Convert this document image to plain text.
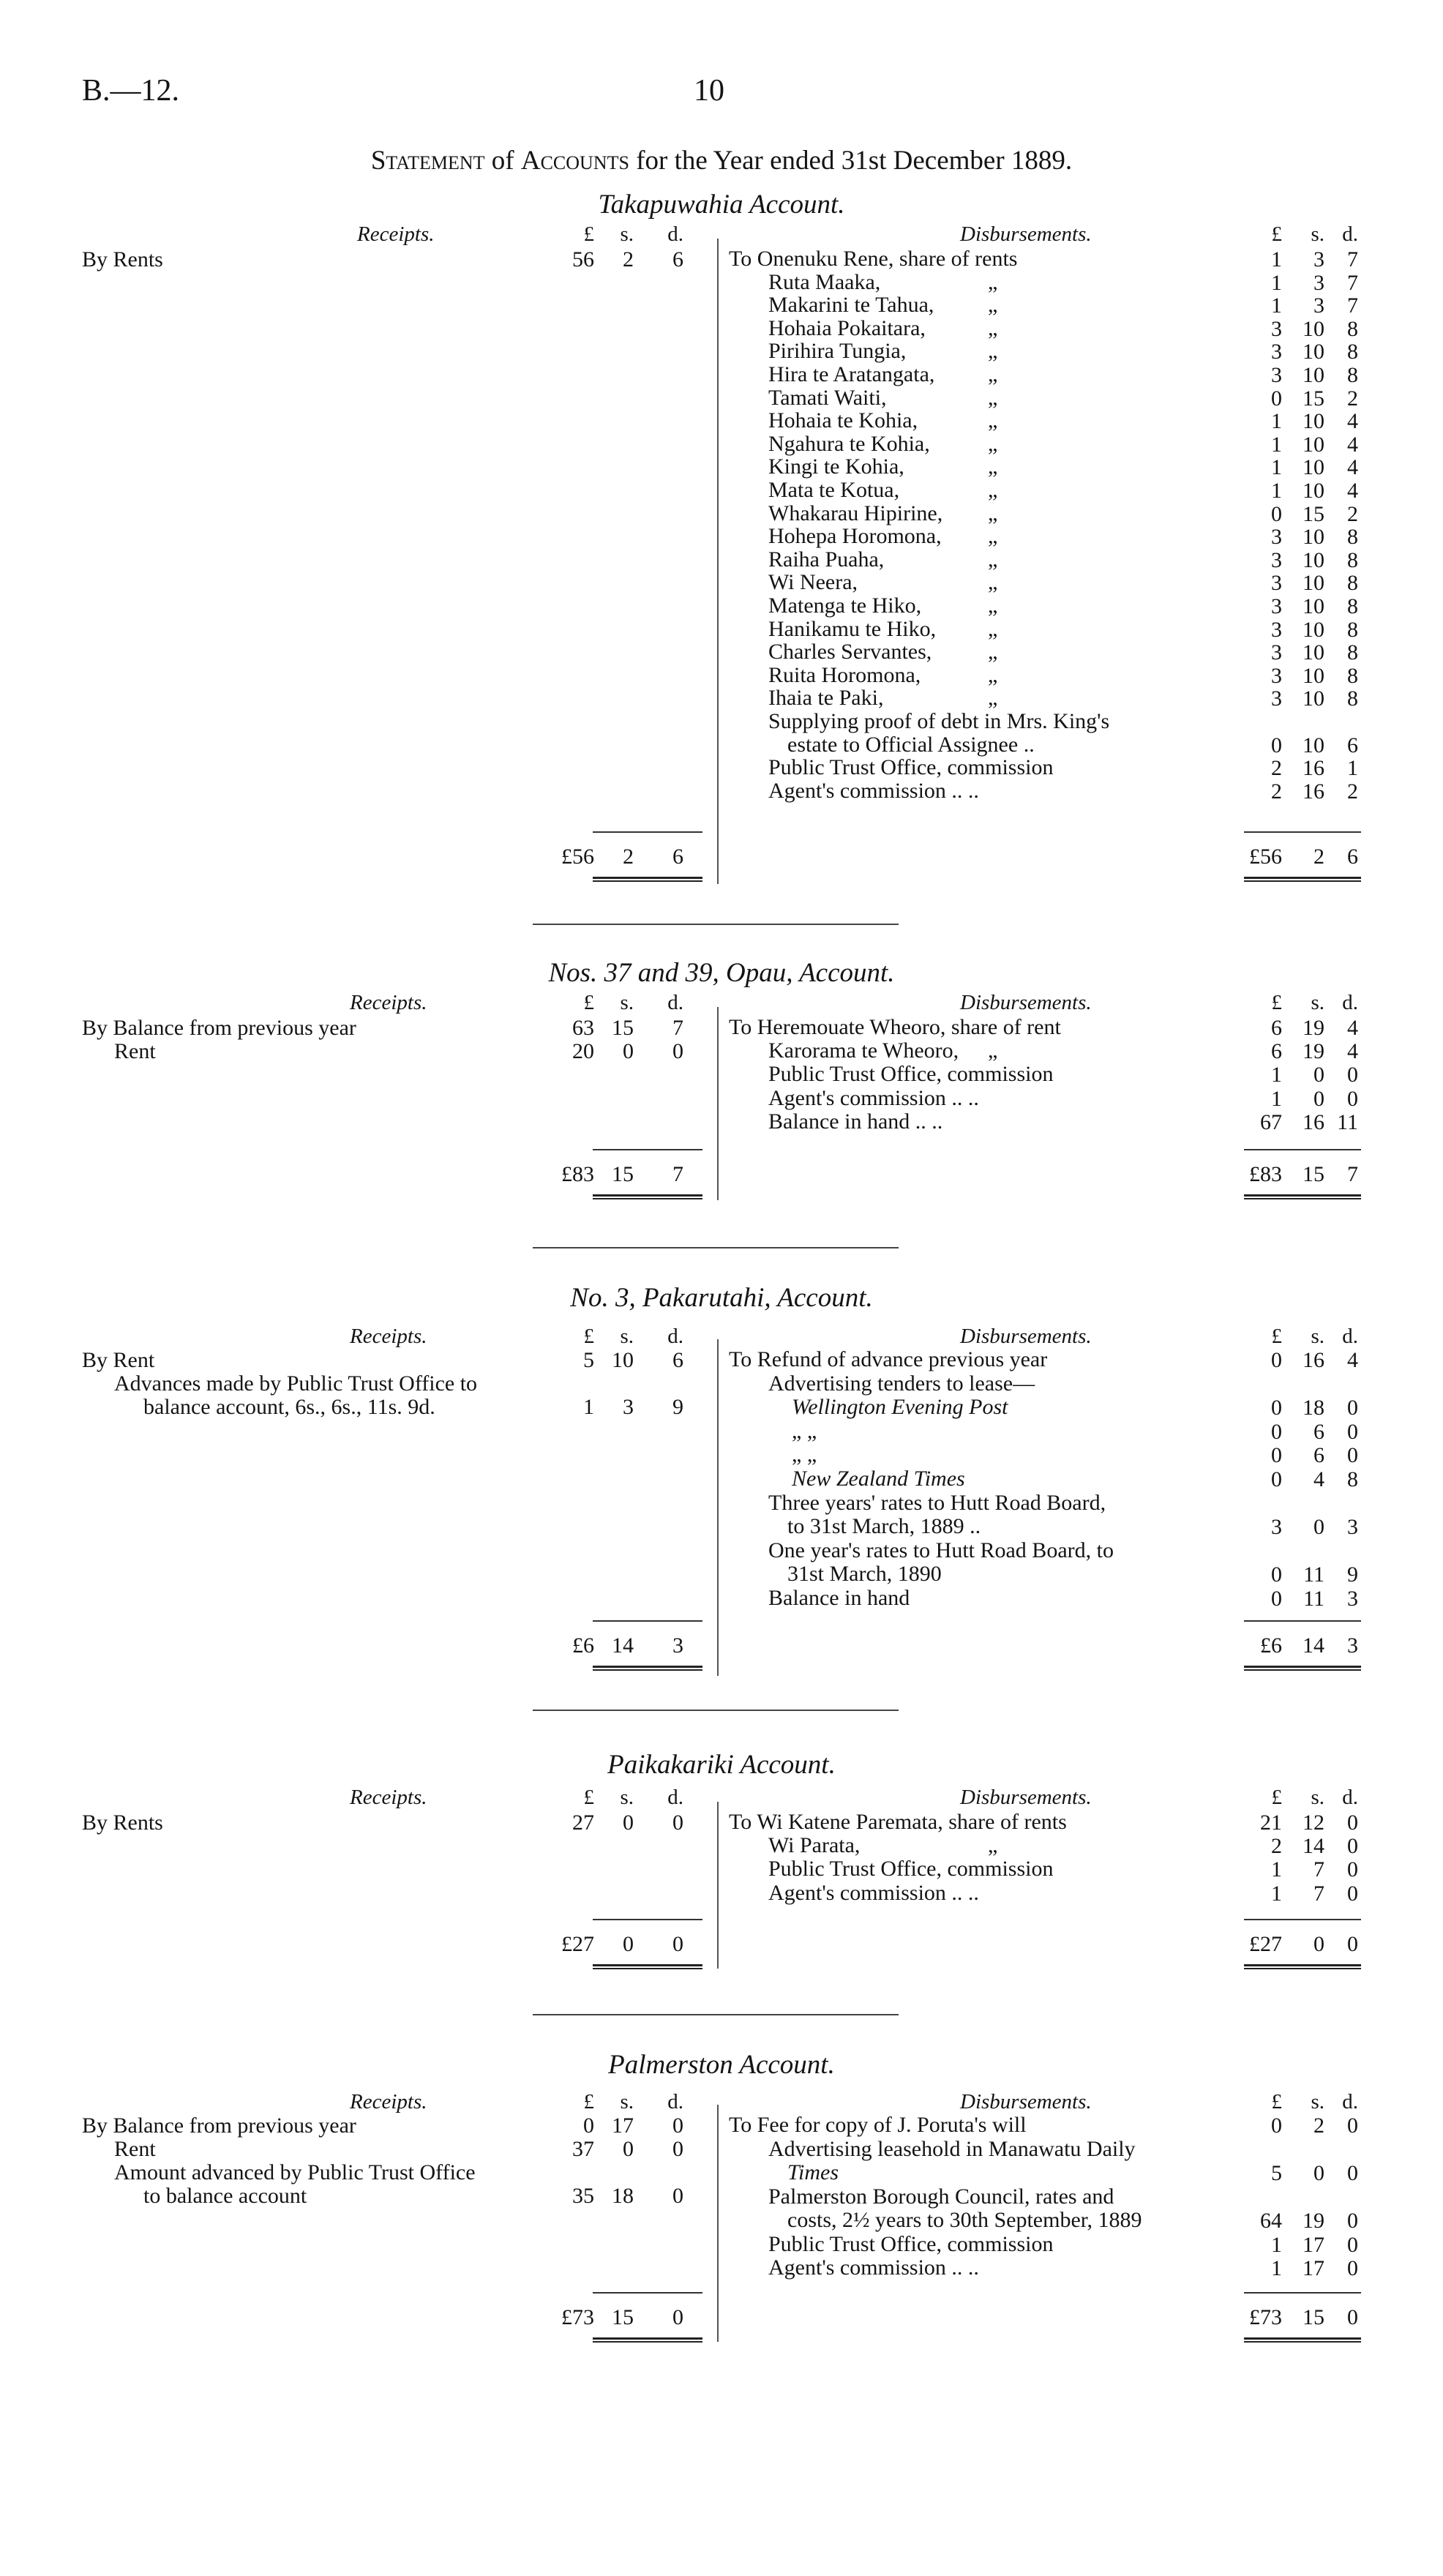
B.—12.	10
Statement of Accounts for the Year ended 31st December 1889.
Takapuwahia Account.
Receipts.	Disbursements.
£	s.	d.	£	s. d.
By Rents	56	2	6
£56	2	6
To Onenuku Rene, share of rents	1	3	7
Ruta Maaka,	„	1	3	7
Makarini te Tahua, „	1	3	7
Hohaia Pokaitara,	„	3 10	8
Pirihira Tungia,	„	3 10	8
Hira te Aratangata, „	3 10	8
Tamati Waiti,	„	0 15	2
Hohaia te Kohia,	„	1 10	4
Ngahura te Kohia,	„	1 10	4
Kingi te Kohia,	„	1 10	4
Mata te Kotua,	„	1 10	4
Whakarau Hipirine, „	0 15	2
Hohepa Horomona, „	3 10	8
Raiha Puaha,	„	3 10	8
Wi Neera,	„	3 10	8
Matenga te Hiko,	„	3 10	8
Hanikamu te Hiko, „	3 10	8
Charles Servantes,	„	3 10	8
Ruita Horomona,	„	3 10	8
Ihaia te Paki,	„	3 10	8
Supplying proof of debt in Mrs. King's
estate to Official Assignee ..	0 10	6
Public Trust Office, commission	2 16	1
Agent's commission .. ..	2 16	2
£56	2	6
Nos. 37 and 39, Opau, Account.
Receipts.	Disbursements.
£	s.	d.	£	s. d.
By Balance from previous year	63 15	7
Rent	20	0	0
£83 15	7
To Heremouate Wheoro, share of rent	6 19	4
Karorama te Wheoro, „	6 19	4
Public Trust Office, commission	1	0	0
Agent's commission .. ..	1	0	0
Balance in hand .. ..	67 16 11
£83 15	7
No. 3, Pakarutahi, Account.
Receipts.	Disbursements.
£	s.	d.	£	s. d.
By Rent	5 10	6
Advances made by Public Trust Office to
balance account, 6s., 6s., 11s. 9d.	1	3	9
£6 14	3
To Refund of advance previous year	0 16	4
Advertising tenders to lease—
Wellington Evening Post	0 18	0
„ „	0	6	0
„ „	0	6	0
New Zealand Times	0	4	8
Three years' rates to Hutt Road Board,
to 31st March, 1889 ..	3	0	3
One year's rates to Hutt Road Board, to
31st March, 1890	0 11	9
Balance in hand	0 11	3
£6 14	3
Paikakariki Account.
Receipts.	Disbursements.
£	s.	d.	£	s. d.
By Rents	27	0	0
£27	0	0
To Wi Katene Paremata, share of rents	21 12	0
Wi Parata,	„	2 14	0
Public Trust Office, commission	1	7	0
Agent's commission .. ..	1	7	0
£27	0	0
Palmerston Account.
Receipts.	Disbursements.
£	s.	d.	£	s. d.
By Balance from previous year	0 17	0
Rent	37	0	0
Amount advanced by Public Trust Office
to balance account	35 18	0
£73 15	0
To Fee for copy of J. Poruta's will	0	2	0
Advertising leasehold in Manawatu Daily
Times	5	0	0
Palmerston Borough Council, rates and
costs, 2½ years to 30th September, 1889	64 19	0
Public Trust Office, commission	1 17	0
Agent's commission .. ..	1 17	0
£73 15	0
